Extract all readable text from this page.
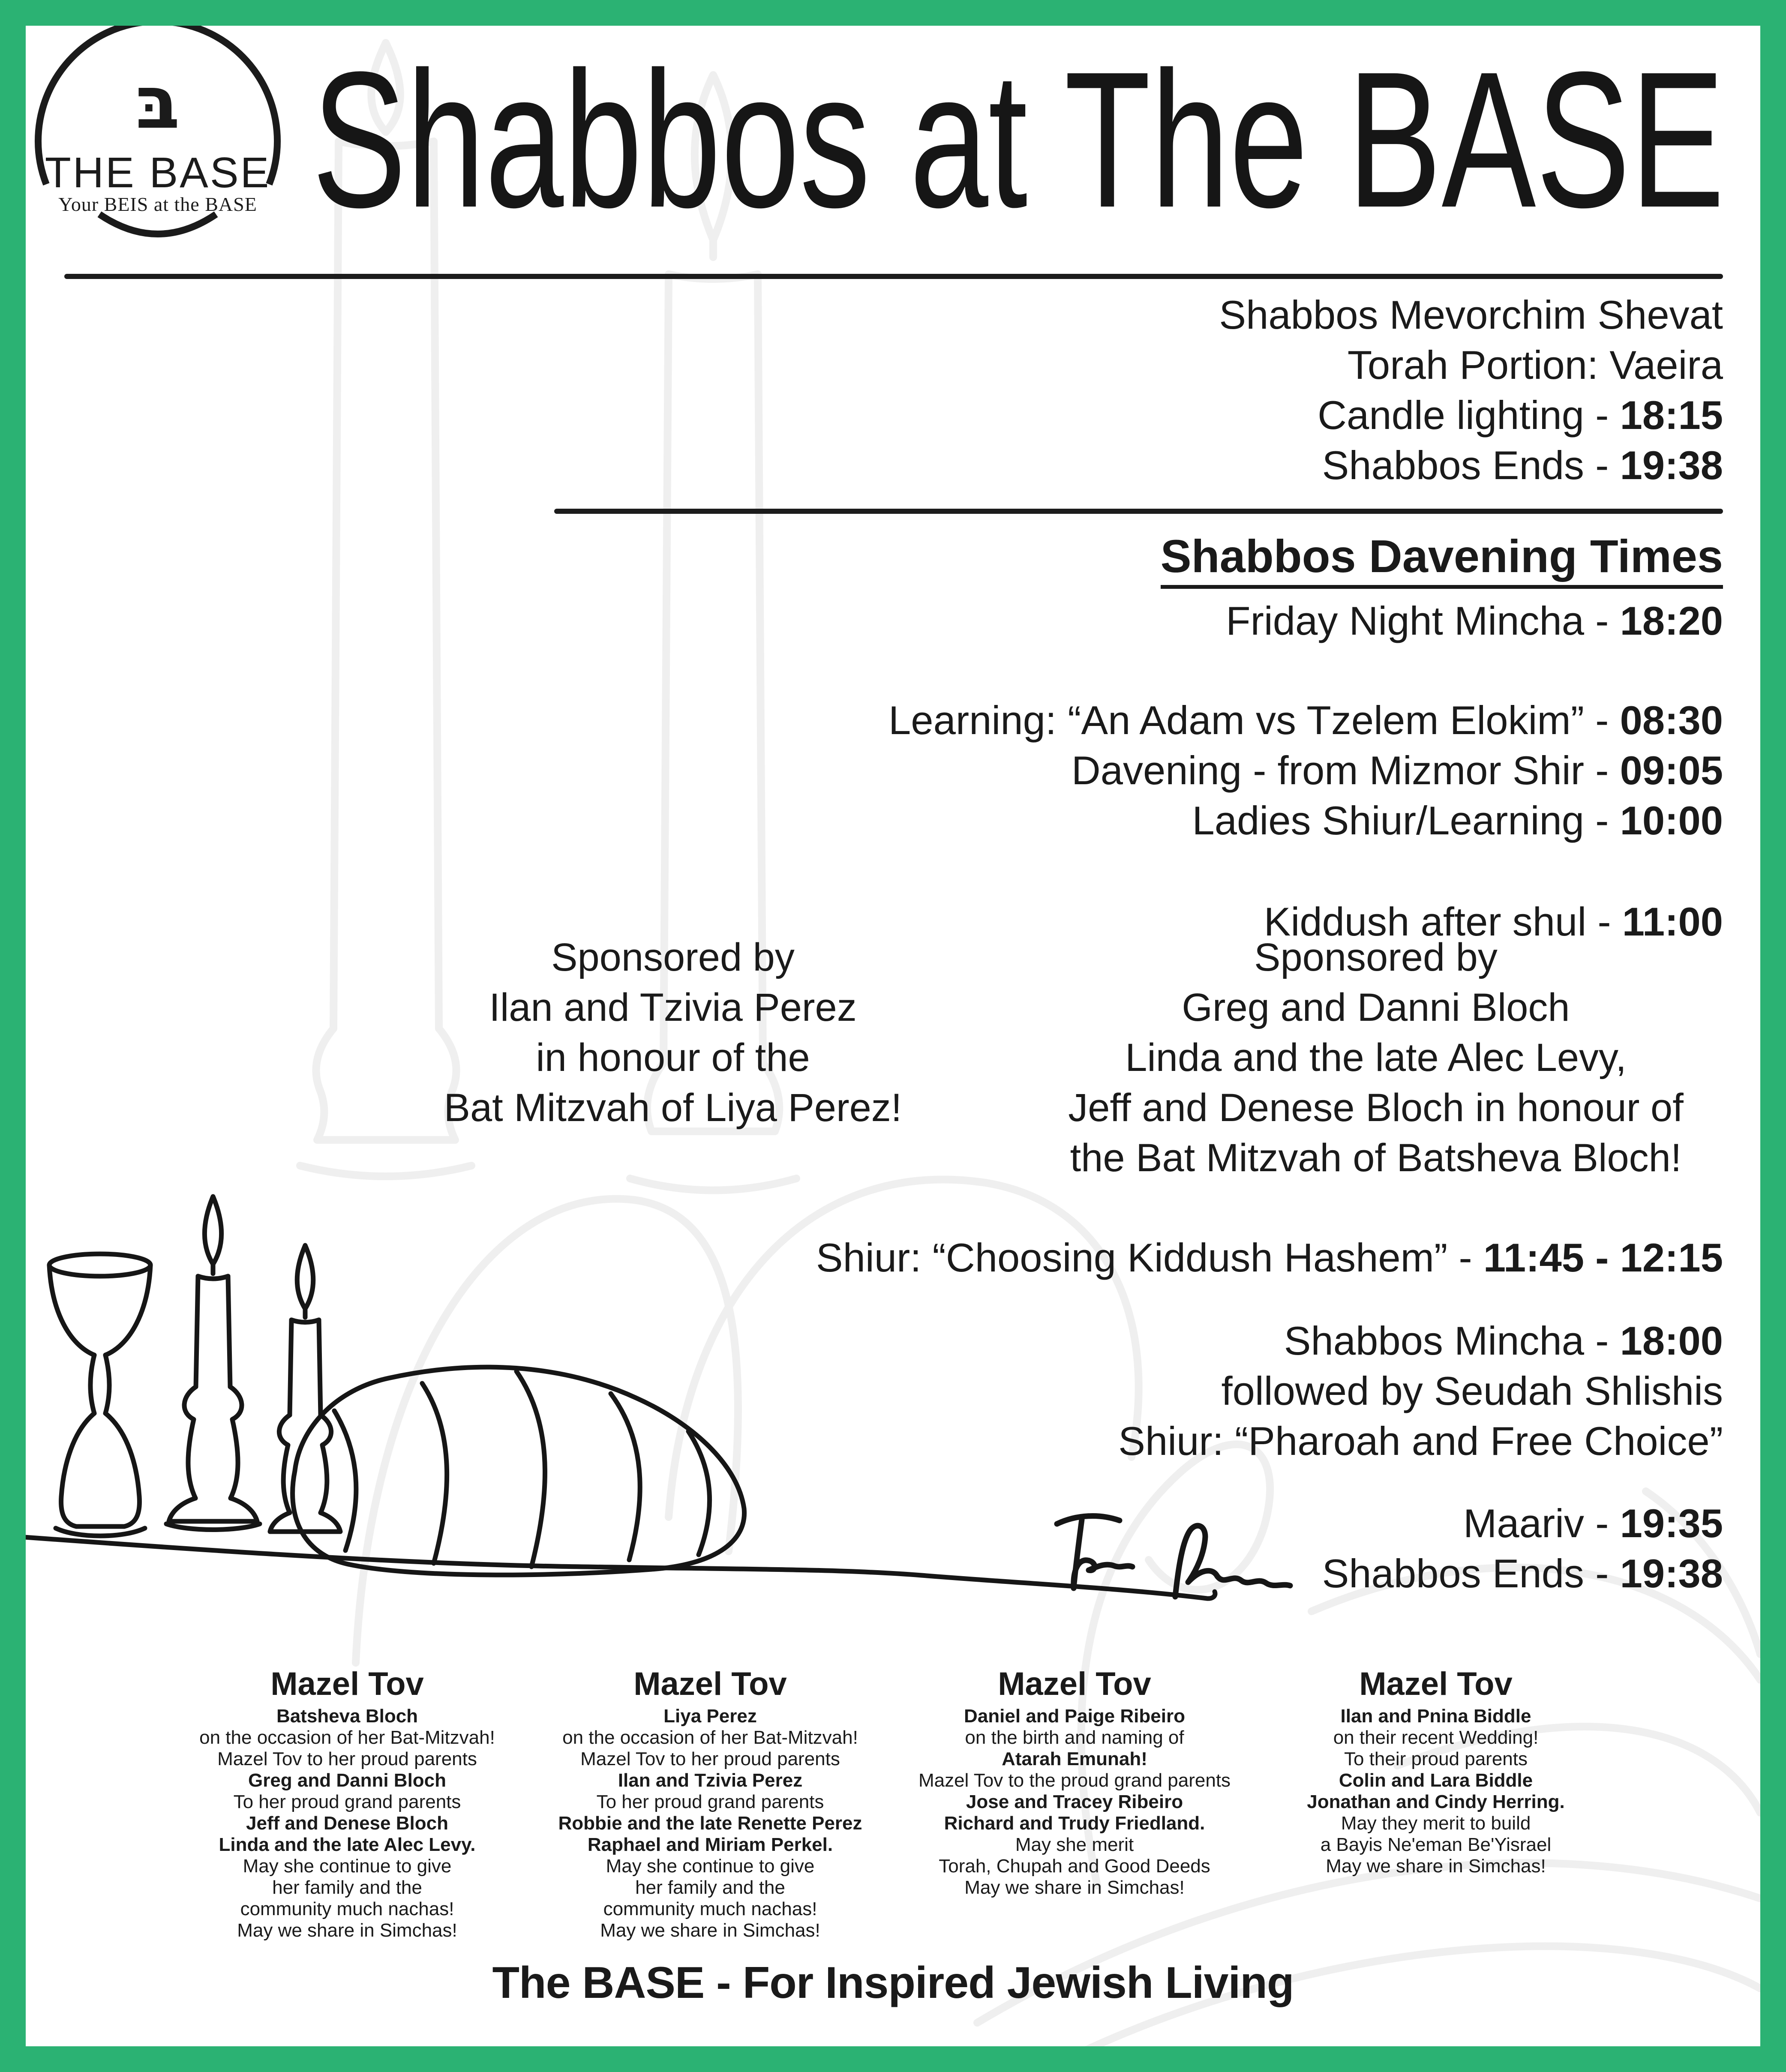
בּ
THE BASE
Your BEIS at the BASE Shabbos at The BASE
Shabbos Mevorchim Shevat
Torah Portion: Vaeira
Candle lighting - 18:15
Shabbos Ends - 19:38
Shabbos Davening Times
Friday Night Mincha - 18:20
Learning: “An Adam vs Tzelem Elokim” - 08:30
Davening - from Mizmor Shir - 09:05
Ladies Shiur/Learning - 10:00
Kiddush after shul - 11:00
Shiur: “Choosing Kiddush Hashem” - 11:45 - 12:15
Shabbos Mincha - 18:00
followed by Seudah Shlishis
Shiur: “Pharoah and Free Choice”
Maariv - 19:35
Shabbos Ends - 19:38
Sponsored by
Ilan and Tzivia Perez
in honour of the
Bat Mitzvah of Liya Perez!
Sponsored by
Greg and Danni Bloch
Linda and the late Alec Levy,
Jeff and Denese Bloch in honour of
the Bat Mitzvah of Batsheva Bloch!
Mazel Tov
Batsheva Bloch
on the occasion of her Bat-Mitzvah!
Mazel Tov to her proud parents
Greg and Danni Bloch
To her proud grand parents
Jeff and Denese Bloch
Linda and the late Alec Levy.
May she continue to give
her family and the
community much nachas!
May we share in Simchas!
Mazel Tov
Liya Perez
on the occasion of her Bat-Mitzvah!
Mazel Tov to her proud parents
Ilan and Tzivia Perez
To her proud grand parents
Robbie and the late Renette Perez
Raphael and Miriam Perkel.
May she continue to give
her family and the
community much nachas!
May we share in Simchas!
Mazel Tov
Daniel and Paige Ribeiro
on the birth and naming of
Atarah Emunah!
Mazel Tov to the proud grand parents
Jose and Tracey Ribeiro
Richard and Trudy Friedland.
May she merit
Torah, Chupah and Good Deeds
May we share in Simchas!
Mazel Tov
Ilan and Pnina Biddle
on their recent Wedding!
To their proud parents
Colin and Lara Biddle
Jonathan and Cindy Herring.
May they merit to build
a Bayis Ne'eman Be'Yisrael
May we share in Simchas!
The BASE - For Inspired Jewish Living
